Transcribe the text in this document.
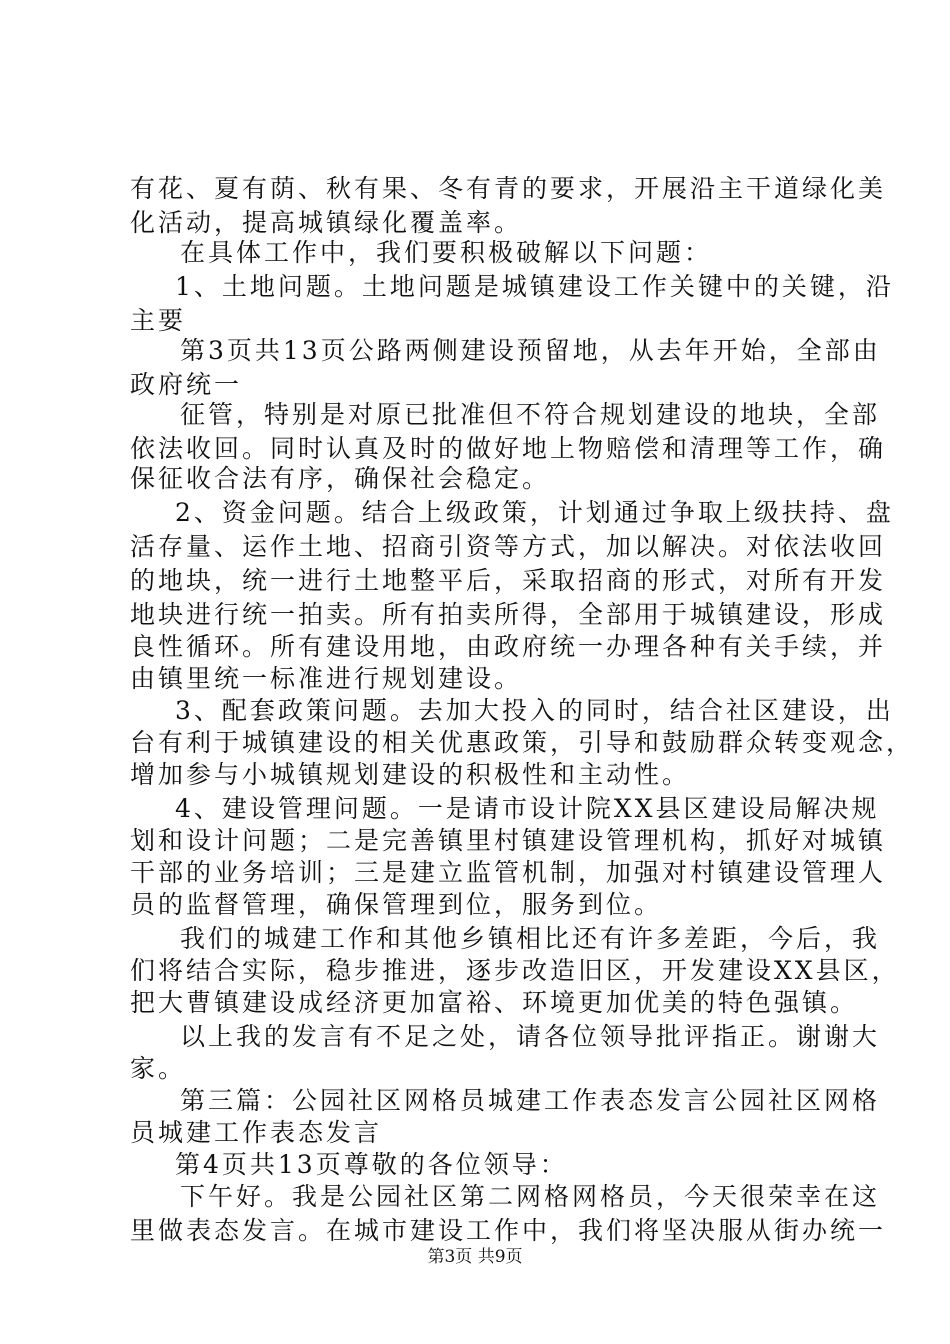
有花、夏有荫、秋有果、冬有青的要求，开展沿主干道绿化美
化活动，提高城镇绿化覆盖率。
在具体工作中，我们要积极破解以下问题：
1、土地问题。土地问题是城镇建设工作关键中的关键，沿
主要
第3页共13页公路两侧建设预留地，从去年开始，全部由
政府统一
征管，特别是对原已批准但不符合规划建设的地块，全部
依法收回。同时认真及时的做好地上物赔偿和清理等工作，确
保征收合法有序，确保社会稳定。
2、资金问题。结合上级政策，计划通过争取上级扶持、盘
活存量、运作土地、招商引资等方式，加以解决。对依法收回
的地块，统一进行土地整平后，采取招商的形式，对所有开发
地块进行统一拍卖。所有拍卖所得，全部用于城镇建设，形成
良性循环。所有建设用地，由政府统一办理各种有关手续，并
由镇里统一标准进行规划建设。
3、配套政策问题。去加大投入的同时，结合社区建设，出
台有利于城镇建设的相关优惠政策，引导和鼓励群众转变观念，
增加参与小城镇规划建设的积极性和主动性。
4、建设管理问题。一是请市设计院XX县区建设局解决规
划和设计问题；二是完善镇里村镇建设管理机构，抓好对城镇
干部的业务培训；三是建立监管机制，加强对村镇建设管理人
员的监督管理，确保管理到位，服务到位。
我们的城建工作和其他乡镇相比还有许多差距，今后，我
们将结合实际，稳步推进，逐步改造旧区，开发建设XX县区，
把大曹镇建设成经济更加富裕、环境更加优美的特色强镇。
以上我的发言有不足之处，请各位领导批评指正。谢谢大
家。
第三篇：公园社区网格员城建工作表态发言公园社区网格
员城建工作表态发言
第4页共13页尊敬的各位领导：
下午好。我是公园社区第二网格网格员，今天很荣幸在这
里做表态发言。在城市建设工作中，我们将坚决服从街办统一
第3页 共9页
